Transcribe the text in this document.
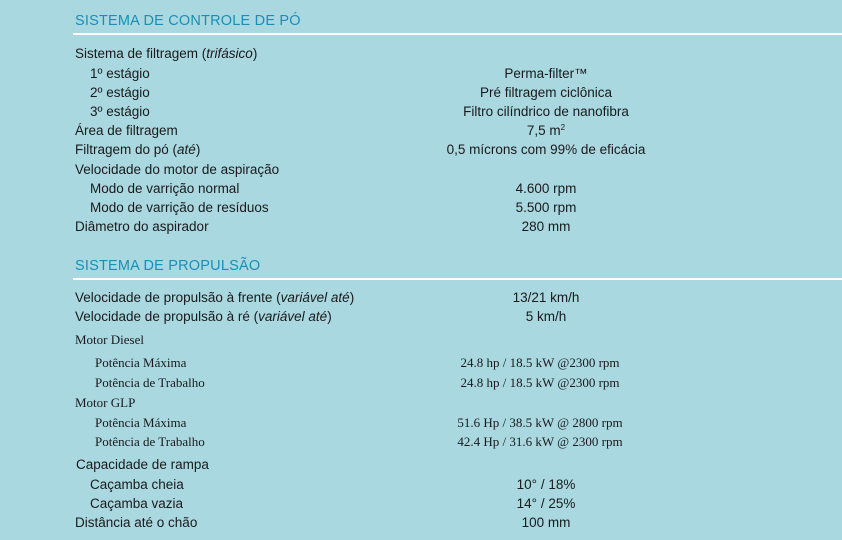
SISTEMA DE CONTROLE DE PÓ
Sistema de filtragem (trifásico)
1º estágio	Perma-filter™
2º estágio	Pré filtragem ciclônica
3º estágio	Filtro cilíndrico de nanofibra
Área de filtragem	7,5 $m^2$
Filtragem do pó (até)	0,5 mícrons com 99% de eficácia
Velocidade do motor de aspiração
Modo de varrição normal	4.600 rpm
Modo de varrição de resíduos	5.500 rpm
Diâmetro do aspirador	280 mm
SISTEMA DE PROPULSÃO
Velocidade de propulsão à frente (variável até)	13/21 km/h
Velocidade de propulsão à ré (variável até)	5 km/h
Motor Diesel
Potência Máxima	24.8 hp / 18.5 kW @2300 rpm
Potência de Trabalho	24.8 hp / 18.5 kW @2300 rpm
Motor GLP
Potência Máxima	51.6 Hp / 38.5 kW @ 2800 rpm
Potência de Trabalho	42.4 Hp / 31.6 kW @ 2300 rpm
Capacidade de rampa
Caçamba cheia	10° / 18%
Caçamba vazia	14° / 25%
Distância até o chão	100 mm
